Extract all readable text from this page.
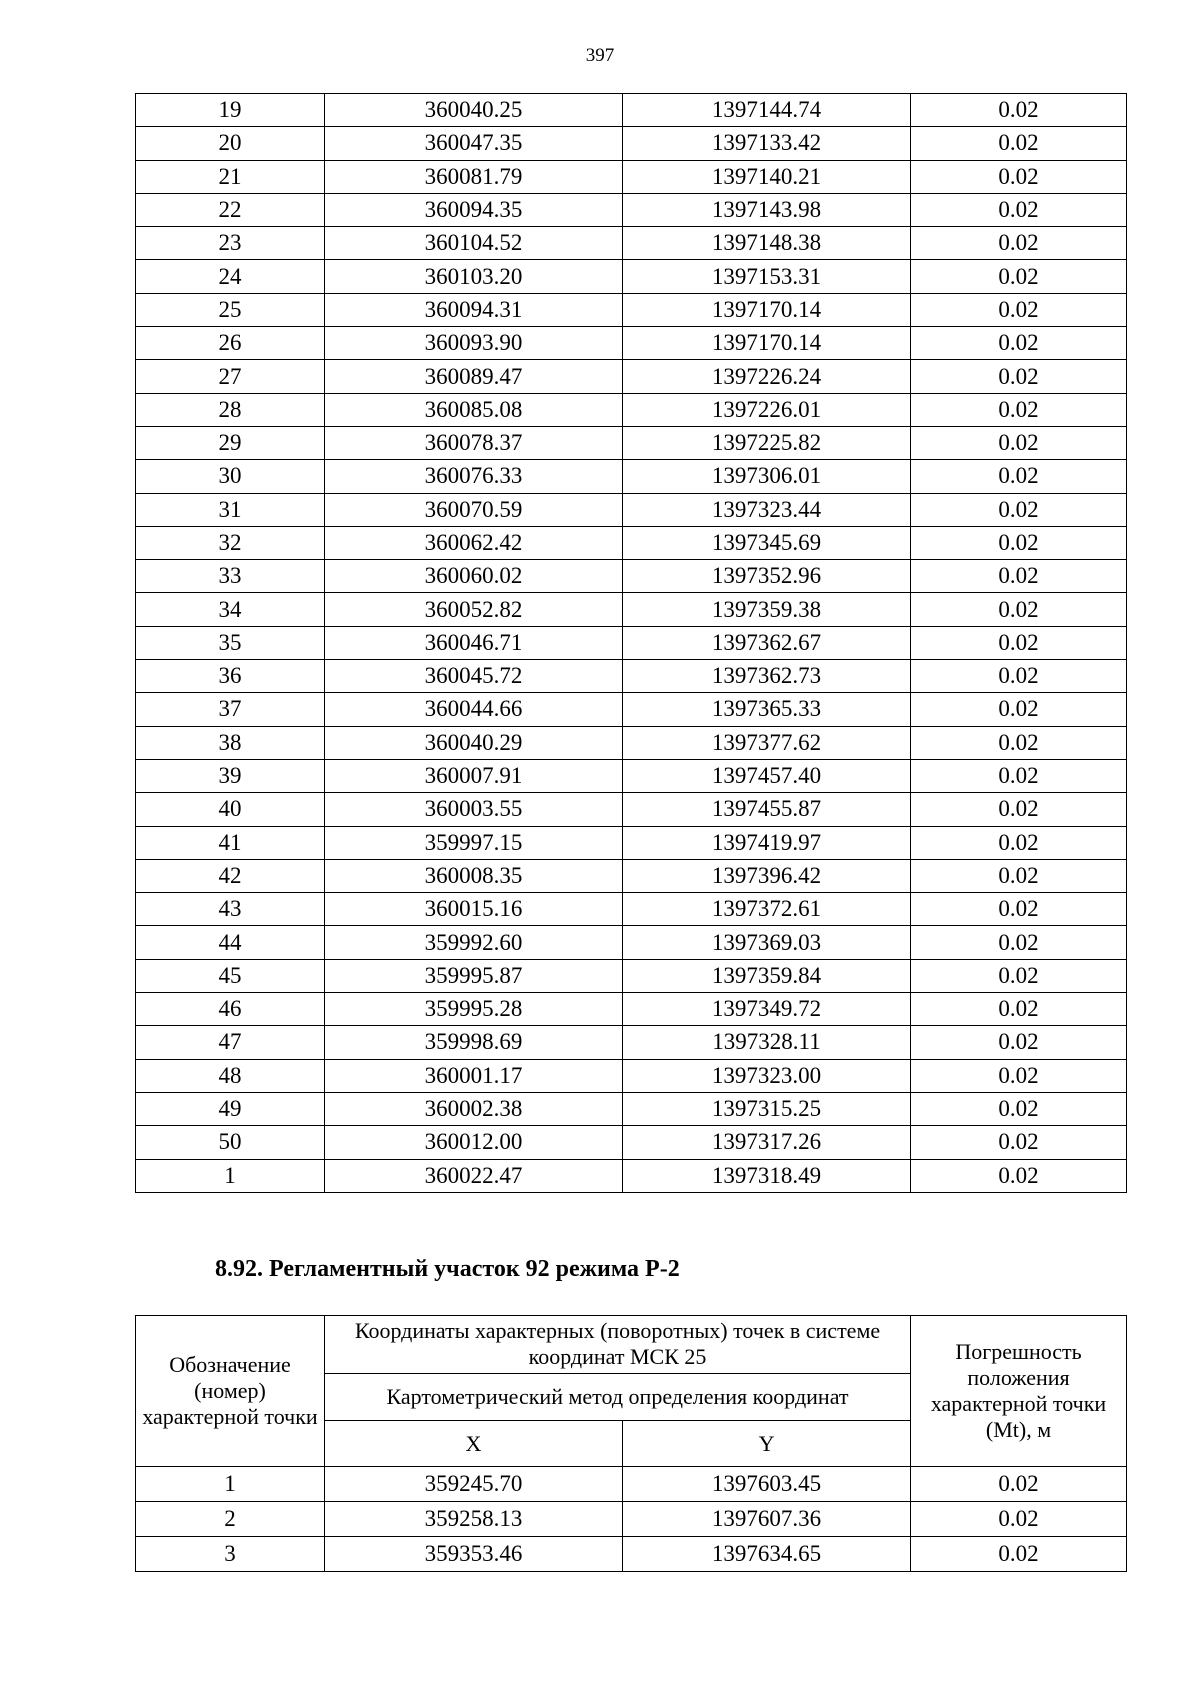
397
19	360040.25	1397144.74	0.02
20	360047.35	1397133.42	0.02
21	360081.79	1397140.21	0.02
22	360094.35	1397143.98	0.02
23	360104.52	1397148.38	0.02
24	360103.20	1397153.31	0.02
25	360094.31	1397170.14	0.02
26	360093.90	1397170.14	0.02
27	360089.47	1397226.24	0.02
28	360085.08	1397226.01	0.02
29	360078.37	1397225.82	0.02
30	360076.33	1397306.01	0.02
31	360070.59	1397323.44	0.02
32	360062.42	1397345.69	0.02
33	360060.02	1397352.96	0.02
34	360052.82	1397359.38	0.02
35	360046.71	1397362.67	0.02
36	360045.72	1397362.73	0.02
37	360044.66	1397365.33	0.02
38	360040.29	1397377.62	0.02
39	360007.91	1397457.40	0.02
40	360003.55	1397455.87	0.02
41	359997.15	1397419.97	0.02
42	360008.35	1397396.42	0.02
43	360015.16	1397372.61	0.02
44	359992.60	1397369.03	0.02
45	359995.87	1397359.84	0.02
46	359995.28	1397349.72	0.02
47	359998.69	1397328.11	0.02
48	360001.17	1397323.00	0.02
49	360002.38	1397315.25	0.02
50	360012.00	1397317.26	0.02
1	360022.47	1397318.49	0.02
8.92. Регламентный участок 92 режима Р-2
Обозначение (номер) характерной точки	Координаты характерных (поворотных) точек в системе координат МСК 25		Погрешность положения характерной точки (Mt), м
	Картометрический метод определения координат		
	X	Y	
1	359245.70	1397603.45	0.02
2	359258.13	1397607.36	0.02
3	359353.46	1397634.65	0.02
